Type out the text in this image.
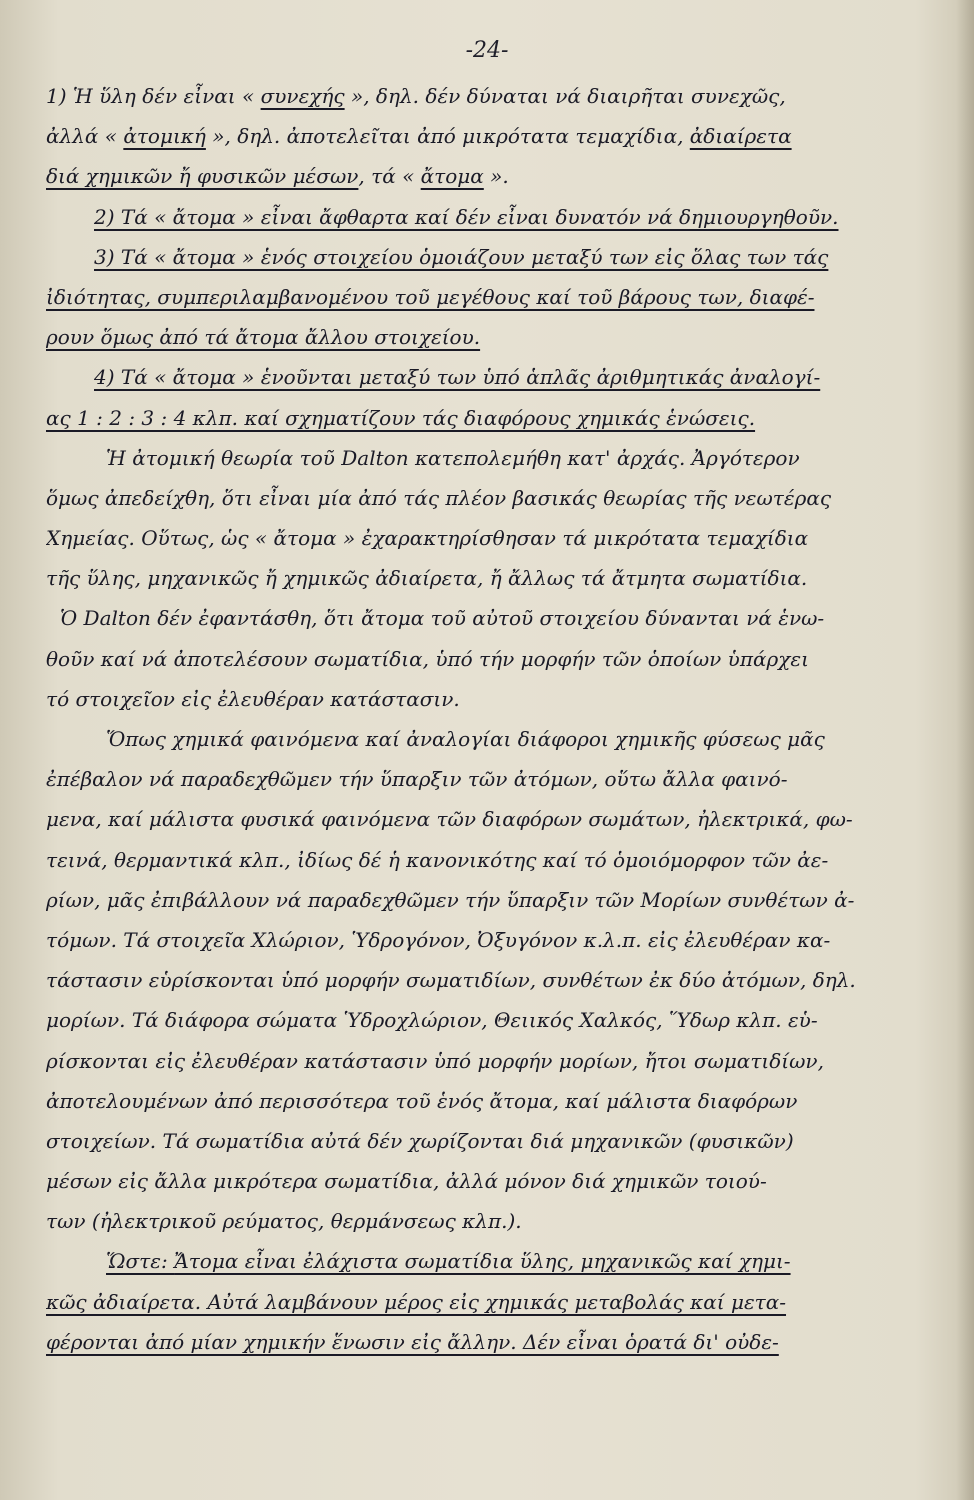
-24-
1) Ἡ ὕλη δέν εἶναι « συνεχής », δηλ. δέν δύναται νά διαιρῆται συνεχῶς,
ἀλλά « ἀτομική », δηλ. ἀποτελεῖται ἀπό μικρότατα τεμαχίδια, ἀδιαίρετα
διά χημικῶν ἤ φυσικῶν μέσων, τά « ἄτομα ».
2) Τά « ἄτομα » εἶναι ἄφθαρτα καί δέν εἶναι δυνατόν νά δημιουργηθοῦν.
3) Τά « ἄτομα » ἑνός στοιχείου ὁμοιάζουν μεταξύ των εἰς ὅλας των τάς
ἰδιότητας, συμπεριλαμβανομένου τοῦ μεγέθους καί τοῦ βάρους των, διαφέ-
ρουν ὅμως ἀπό τά ἄτομα ἄλλου στοιχείου.
4) Τά « ἄτομα » ἑνοῦνται μεταξύ των ὑπό ἁπλᾶς ἀριθμητικάς ἀναλογί-
ας 1 : 2 : 3 : 4 κλπ. καί σχηματίζουν τάς διαφόρους χημικάς ἑνώσεις.
Ἡ ἀτομική θεωρία τοῦ Dalton κατεπολεμήθη κατ' ἀρχάς. Ἀργότερον
ὅμως ἀπεδείχθη, ὅτι εἶναι μία ἀπό τάς πλέον βασικάς θεωρίας τῆς νεωτέρας
Χημείας. Οὕτως, ὡς « ἄτομα » ἐχαρακτηρίσθησαν τά μικρότατα τεμαχίδια
τῆς ὕλης, μηχανικῶς ἤ χημικῶς ἀδιαίρετα, ἤ ἄλλως τά ἄτμητα σωματίδια.
Ὁ Dalton δέν ἐφαντάσθη, ὅτι ἄτομα τοῦ αὐτοῦ στοιχείου δύνανται νά ἑνω-
θοῦν καί νά ἀποτελέσουν σωματίδια, ὑπό τήν μορφήν τῶν ὁποίων ὑπάρχει
τό στοιχεῖον εἰς ἐλευθέραν κατάστασιν.
Ὅπως χημικά φαινόμενα καί ἀναλογίαι διάφοροι χημικῆς φύσεως μᾶς
ἐπέβαλον νά παραδεχθῶμεν τήν ὕπαρξιν τῶν ἀτόμων, οὕτω ἄλλα φαινό-
μενα, καί μάλιστα φυσικά φαινόμενα τῶν διαφόρων σωμάτων, ἠλεκτρικά, φω-
τεινά, θερμαντικά κλπ., ἰδίως δέ ἡ κανονικότης καί τό ὁμοιόμορφον τῶν ἀε-
ρίων, μᾶς ἐπιβάλλουν νά παραδεχθῶμεν τήν ὕπαρξιν τῶν Μορίων συνθέτων ἀ-
τόμων. Τά στοιχεῖα Χλώριον, Ὑδρογόνον, Ὀξυγόνον κ.λ.π. εἰς ἐλευθέραν κα-
τάστασιν εὑρίσκονται ὑπό μορφήν σωματιδίων, συνθέτων ἐκ δύο ἀτόμων, δηλ.
μορίων. Τά διάφορα σώματα Ὑδροχλώριον, Θειικός Χαλκός, Ὕδωρ κλπ. εὑ-
ρίσκονται εἰς ἐλευθέραν κατάστασιν ὑπό μορφήν μορίων, ἤτοι σωματιδίων,
ἀποτελουμένων ἀπό περισσότερα τοῦ ἑνός ἄτομα, καί μάλιστα διαφόρων
στοιχείων. Τά σωματίδια αὐτά δέν χωρίζονται διά μηχανικῶν (φυσικῶν)
μέσων εἰς ἄλλα μικρότερα σωματίδια, ἀλλά μόνον διά χημικῶν τοιού-
των (ἠλεκτρικοῦ ρεύματος, θερμάνσεως κλπ.).
Ὥστε: Ἄτομα εἶναι ἐλάχιστα σωματίδια ὕλης, μηχανικῶς καί χημι-
κῶς ἀδιαίρετα. Αὐτά λαμβάνουν μέρος εἰς χημικάς μεταβολάς καί μετα-
φέρονται ἀπό μίαν χημικήν ἕνωσιν εἰς ἄλλην. Δέν εἶναι ὁρατά δι' οὐδε-
